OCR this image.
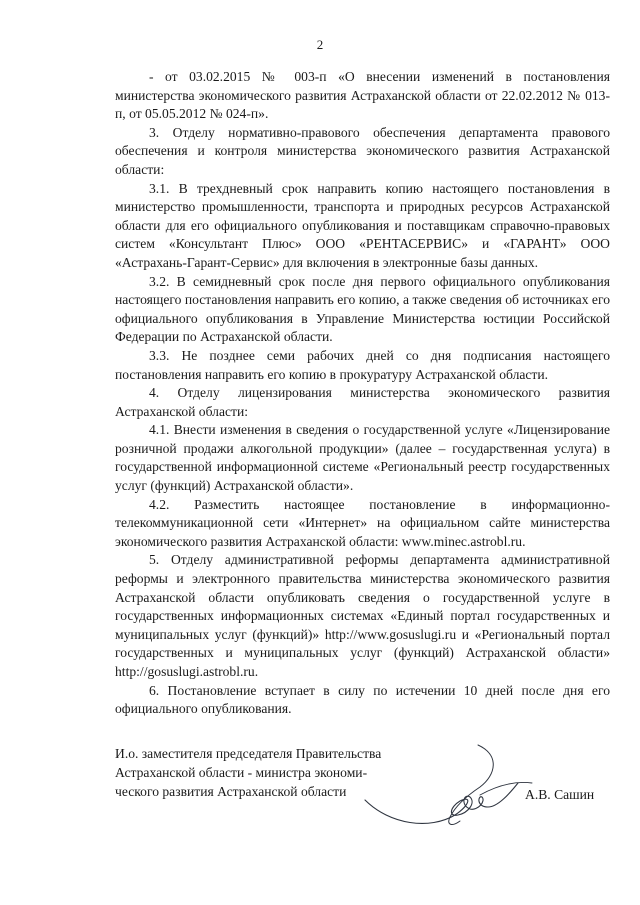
2

- от 03.02.2015 № 003-п «О внесении изменений в постановления министерства экономического развития Астраханской области от 22.02.2012 № 013-п, от 05.05.2012 № 024-п».

3. Отделу нормативно-правового обеспечения департамента правового обеспечения и контроля министерства экономического развития Астраханской области:

3.1. В трехдневный срок направить копию настоящего постановления в министерство промышленности, транспорта и природных ресурсов Астраханской области для его официального опубликования и поставщикам справочно-правовых систем «Консультант Плюс» ООО «РЕНТАСЕРВИС» и «ГАРАНТ» ООО «Астрахань-Гарант-Сервис» для включения в электронные базы данных.

3.2. В семидневный срок после дня первого официального опубликования настоящего постановления направить его копию, а также сведения об источниках его официального опубликования в Управление Министерства юстиции Российской Федерации по Астраханской области.

3.3. Не позднее семи рабочих дней со дня подписания настоящего постановления направить его копию в прокуратуру Астраханской области.

4. Отделу лицензирования министерства экономического развития Астраханской области:

4.1. Внести изменения в сведения о государственной услуге «Лицензирование розничной продажи алкогольной продукции» (далее – государственная услуга) в государственной информационной системе «Региональный реестр государственных услуг (функций) Астраханской области».

4.2. Разместить настоящее постановление в информационно-телекоммуникационной сети «Интернет» на официальном сайте министерства экономического развития Астраханской области: www.minec.astrobl.ru.

5. Отделу административной реформы департамента административной реформы и электронного правительства министерства экономического развития Астраханской области опубликовать сведения о государственной услуге в государственных информационных системах «Единый портал государственных и муниципальных услуг (функций)» http://www.gosuslugi.ru и «Региональный портал государственных и муниципальных услуг (функций) Астраханской области» http://gosuslugi.astrobl.ru.

6. Постановление вступает в силу по истечении 10 дней после дня его официального опубликования.

И.о. заместителя председателя Правительства
Астраханской области - министра экономи-
ческого развития Астраханской области	А.В. Сашин
